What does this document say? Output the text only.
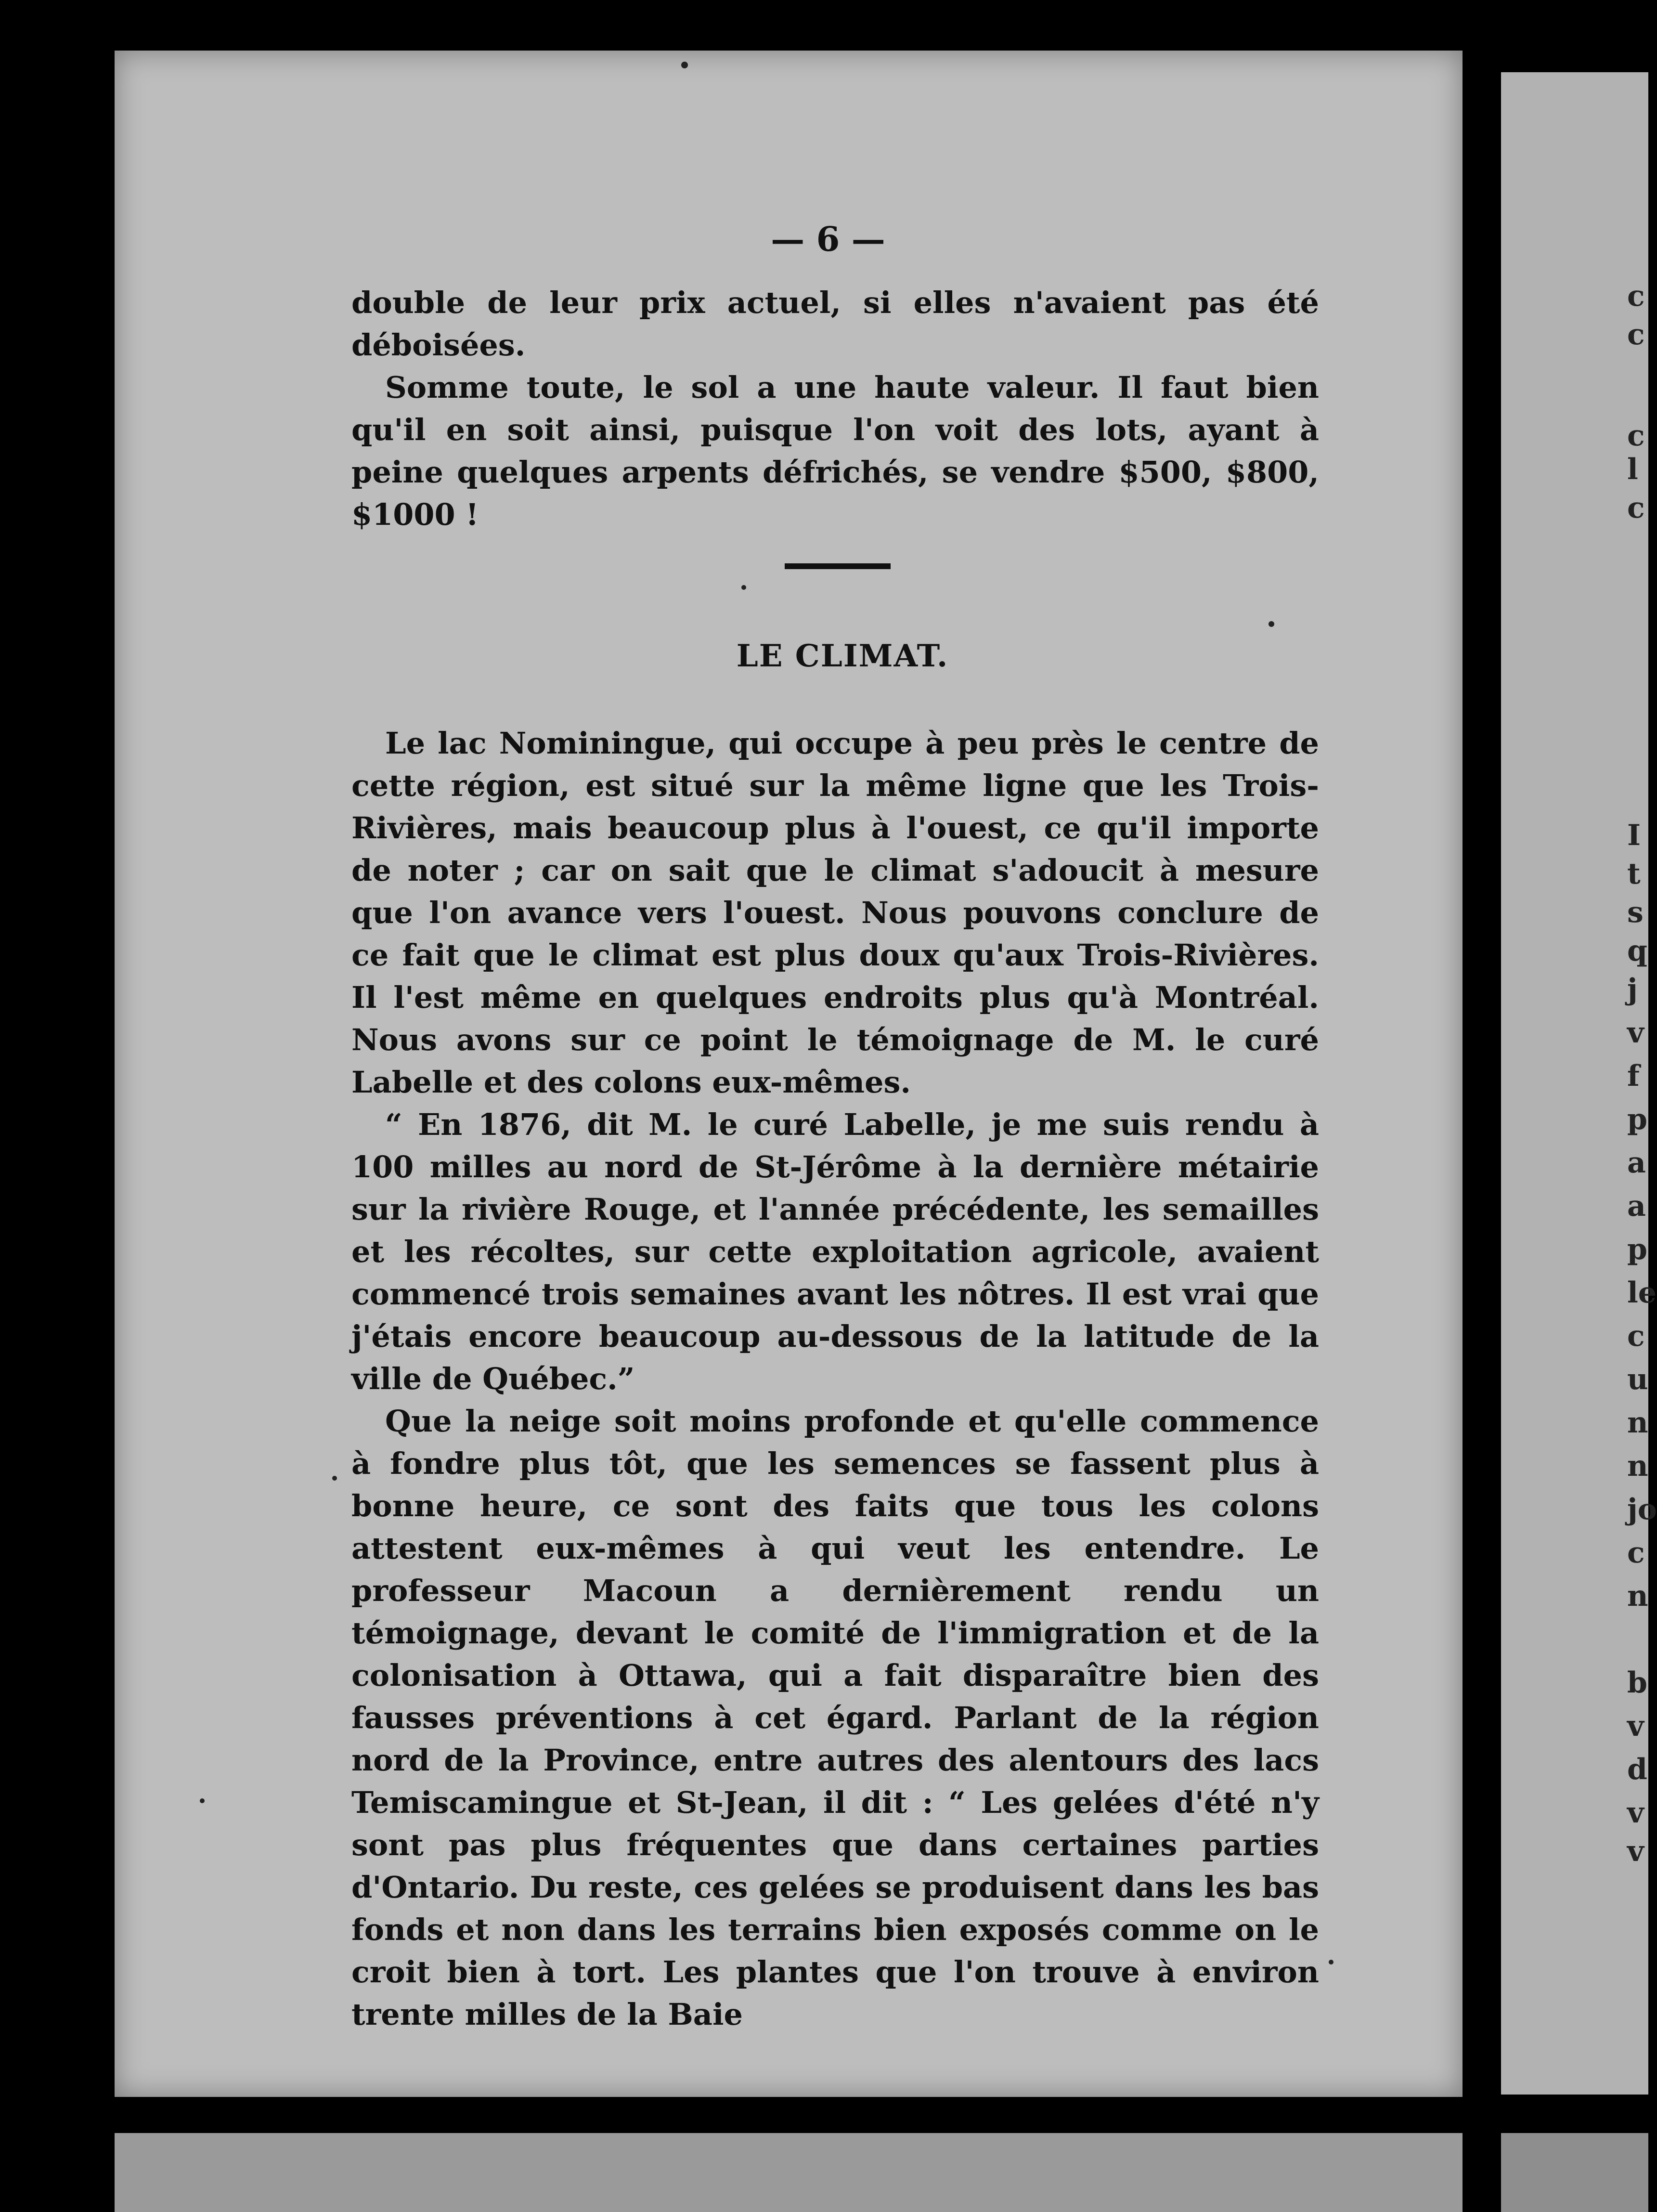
— 6 —

double de leur prix actuel, si elles n'avaient pas été déboisées.

Somme toute, le sol a une haute valeur. Il faut bien qu'il en soit ainsi, puisque l'on voit des lots, ayant à peine quelques arpents défrichés, se vendre $500, $800, $1000 !

LE CLIMAT.

Le lac Nominingue, qui occupe à peu près le centre de cette région, est situé sur la même ligne que les Trois-Rivières, mais beaucoup plus à l'ouest, ce qu'il importe de noter ; car on sait que le climat s'adoucit à mesure que l'on avance vers l'ouest. Nous pouvons conclure de ce fait que le climat est plus doux qu'aux Trois-Rivières. Il l'est même en quelques endroits plus qu'à Montréal. Nous avons sur ce point le témoignage de M. le curé Labelle et des colons eux-mêmes.

“ En 1876, dit M. le curé Labelle, je me suis rendu à 100 milles au nord de St-Jérôme à la dernière métairie sur la rivière Rouge, et l'année précédente, les semailles et les récoltes, sur cette exploitation agricole, avaient commencé trois semaines avant les nôtres. Il est vrai que j'étais encore beaucoup au-dessous de la latitude de la ville de Québec.”

Que la neige soit moins profonde et qu'elle commence à fondre plus tôt, que les semences se fassent plus à bonne heure, ce sont des faits que tous les colons attestent eux-mêmes à qui veut les entendre. Le professeur Macoun a dernièrement rendu un témoignage, devant le comité de l'immigration et de la colonisation à Ottawa, qui a fait disparaître bien des fausses préventions à cet égard. Parlant de la région nord de la Province, entre autres des alentours des lacs Temiscamingue et St-Jean, il dit : “ Les gelées d'été n'y sont pas plus fréquentes que dans certaines parties d'Ontario. Du reste, ces gelées se produisent dans les bas fonds et non dans les terrains bien exposés comme on le croit bien à tort. Les plantes que l'on trouve à environ trente milles de la Baie

c
c
c
l
c
I
t
s
q
j
v
f
p
a
a
p
le
c
u
n
n
jo
c
n
b
v
d
v
v
